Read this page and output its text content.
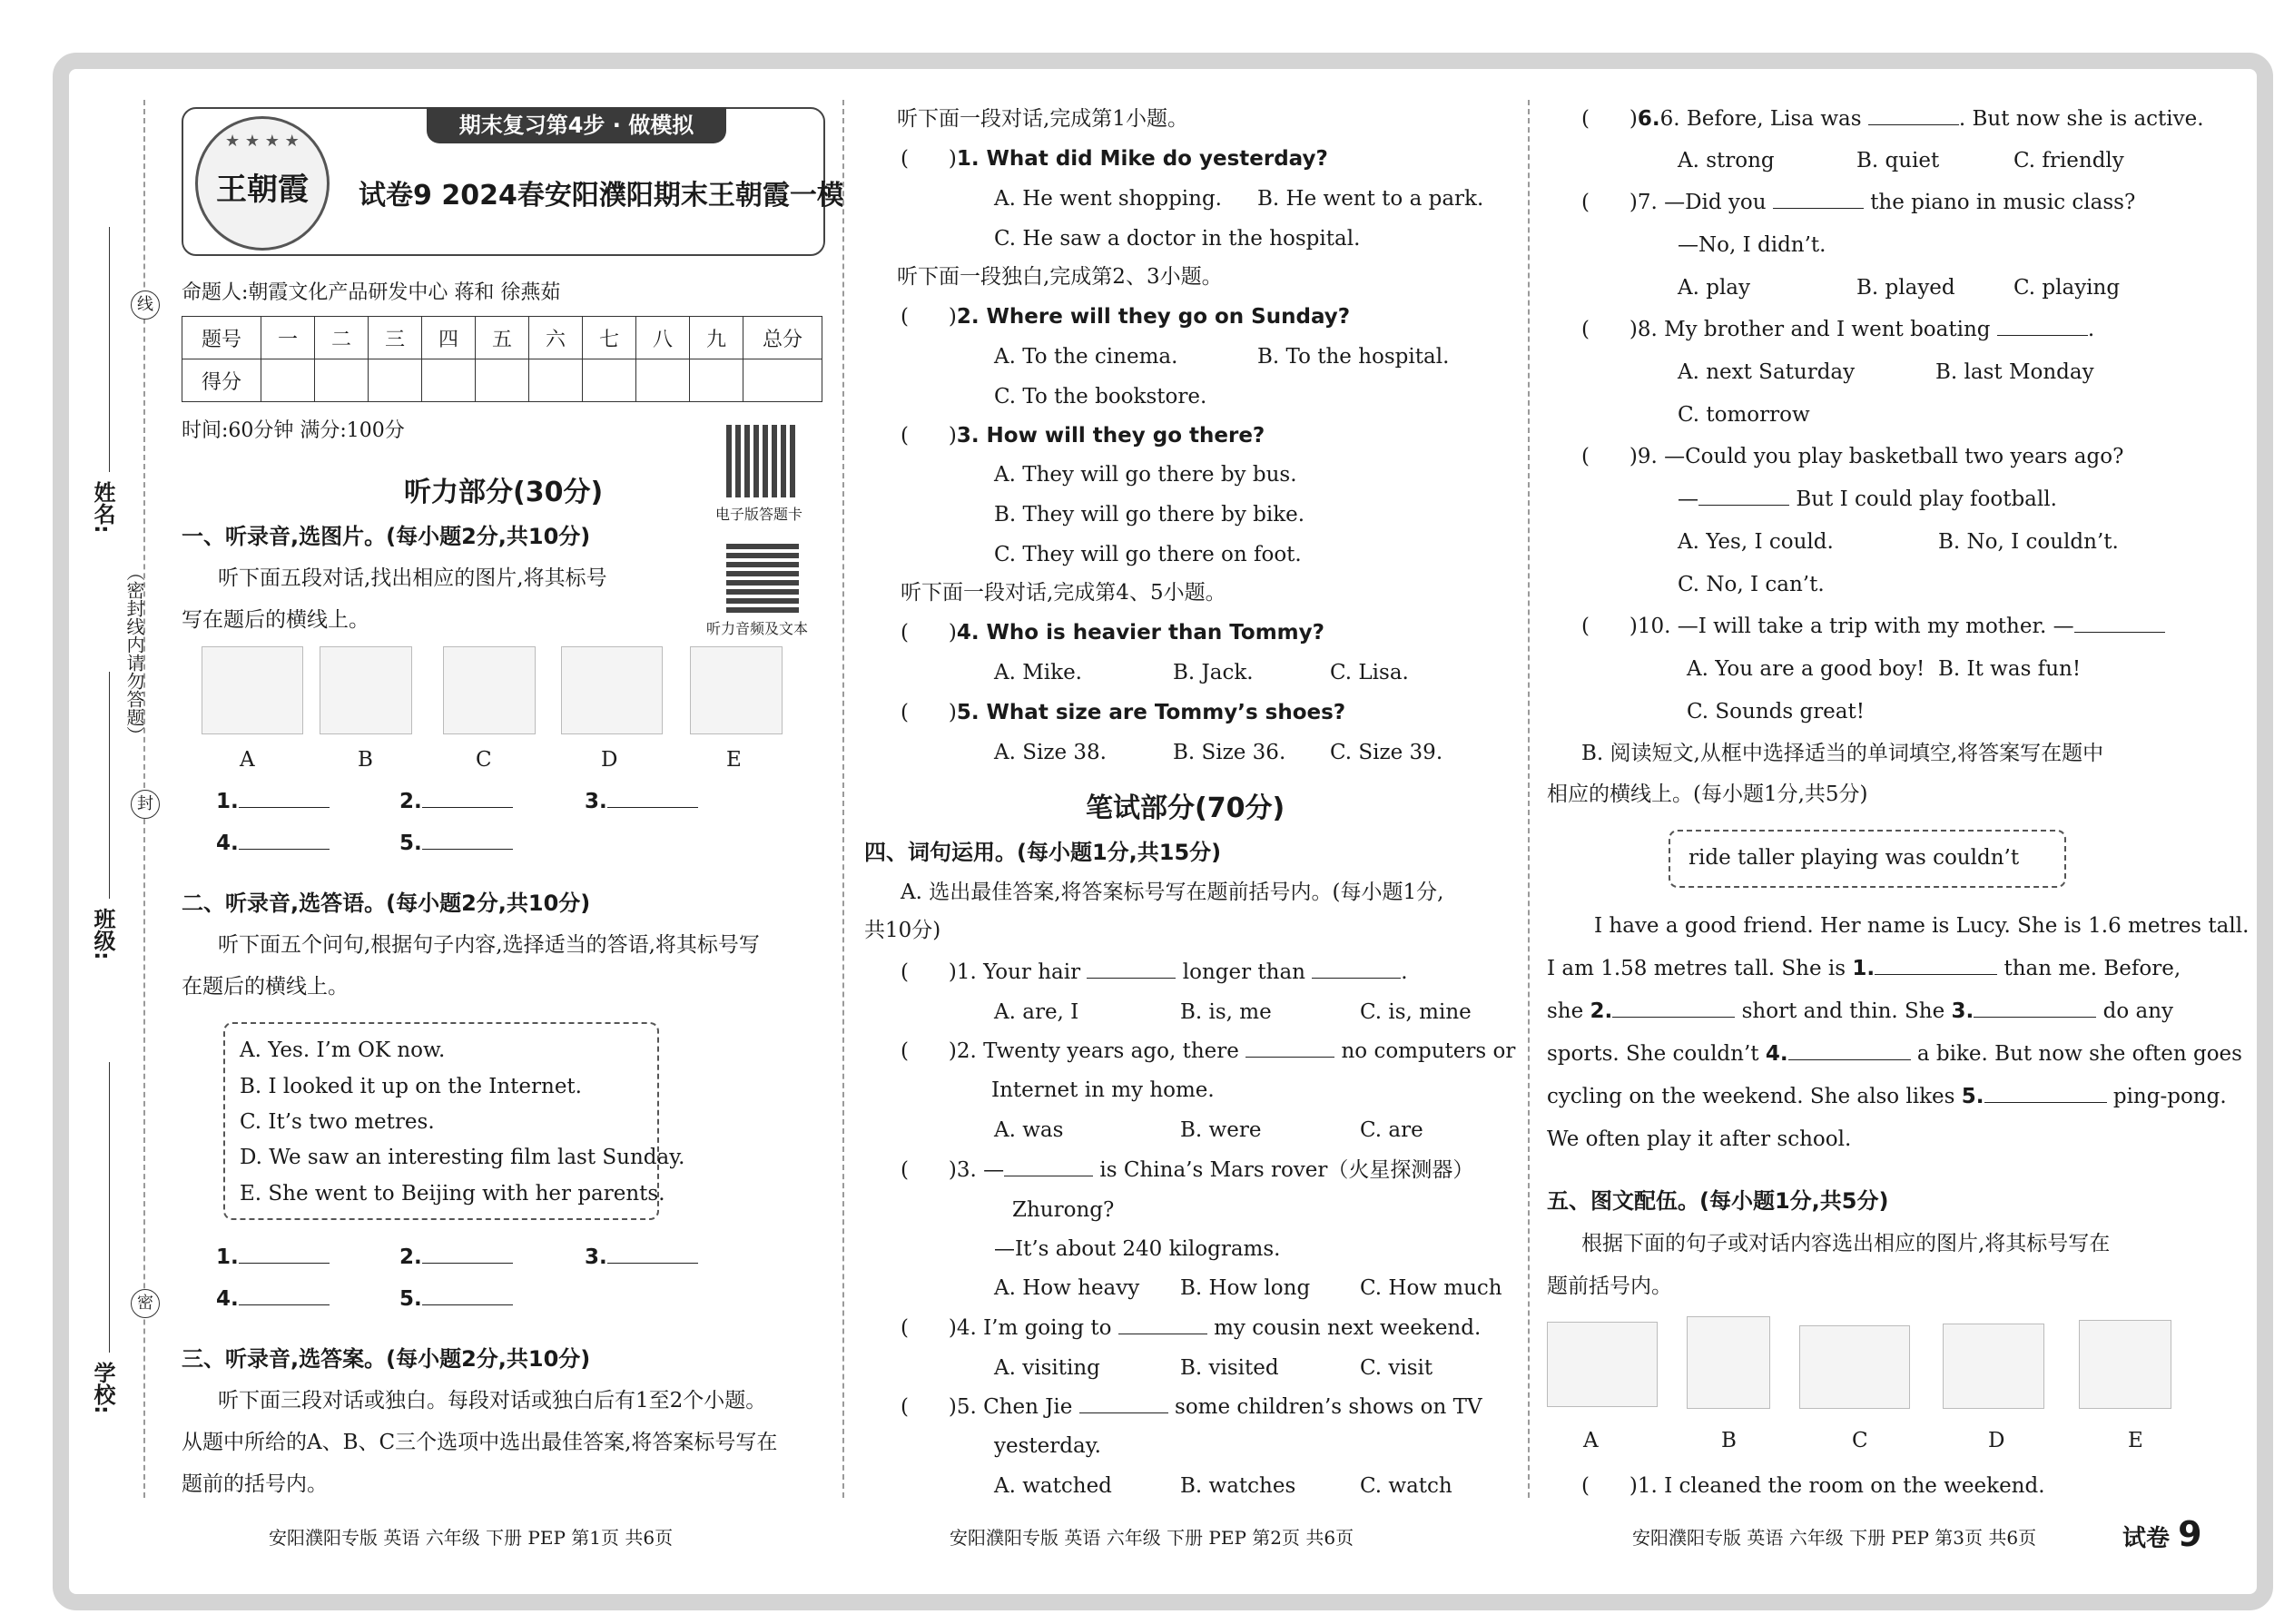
线
封
密
姓名:
班级:
学校:
（密封线内请勿答题）
王朝霞
★ ★ ★ ★
期末复习第4步 · 做模拟
试卷9 2024春安阳濮阳期末王朝霞一模
命题人:朝霞文化产品研发中心 蒋和 徐燕茹
题号	一	二	三	四	五	六	七	八	九	总分
得分										
时间:60分钟 满分:100分
电子版答题卡
听力音频及文本
听力部分(30分)
一、听录音,选图片。(每小题2分,共10分)
听下面五段对话,找出相应的图片,将其标号
写在题后的横线上。
A	B	C	D	E
1.	2.	3.
4.	5.
二、听录音,选答语。(每小题2分,共10分)
听下面五个问句,根据句子内容,选择适当的答语,将其标号写
在题后的横线上。
A. Yes. I’m OK now.
B. I looked it up on the Internet.
C. It’s two metres.
D. We saw an interesting film last Sunday.
E. She went to Beijing with her parents.
1.	2.	3.
4.	5.
三、听录音,选答案。(每小题2分,共10分)
听下面三段对话或独白。每段对话或独白后有1至2个小题。
从题中所给的A、B、C三个选项中选出最佳答案,将答案标号写在
题前的括号内。
安阳濮阳专版 英语 六年级 下册 PEP 第1页 共6页
听下面一段对话,完成第1小题。
(      )1. What did Mike do yesterday?
A. He went shopping. B. He went to a park.
C. He saw a doctor in the hospital.
听下面一段独白,完成第2、3小题。
(      )2. Where will they go on Sunday?
A. To the cinema.	B. To the hospital.
C. To the bookstore.
(      )3. How will they go there?
A. They will go there by bus.
B. They will go there by bike.
C. They will go there on foot.
听下面一段对话,完成第4、5小题。
(      )4. Who is heavier than Tommy?
A. Mike.	B. Jack.	C. Lisa.
(      )5. What size are Tommy’s shoes?
A. Size 38.	B. Size 36. C. Size 39.
笔试部分(70分)
四、词句运用。(每小题1分,共15分)
A. 选出最佳答案,将答案标号写在题前括号内。(每小题1分,
共10分)
(      )1. Your hair	longer than	.
A. are, I	B. is, me	C. is, mine
(      )2. Twenty years ago, there	no computers or
Internet in my home.
A. was	B. were	C. are
(      )3. —	is China’s Mars rover（火星探测器）
Zhurong?
—It’s about 240 kilograms.
A. How heavy B. How long C. How much
(      )4. I’m going to	my cousin next weekend.
A. visiting	B. visited	C. visit
(      )5. Chen Jie	some children’s shows on TV
yesterday.
A. watched	B. watches	C. watch
安阳濮阳专版 英语 六年级 下册 PEP 第2页 共6页
(      )6.6. Before, Lisa was	. But now she is active.
A. strong	B. quiet	C. friendly
(      )7. —Did you	the piano in music class?
—No, I didn’t.
A. play	B. played	C. playing
(      )8. My brother and I went boating	.
A. next Saturday	B. last Monday
C. tomorrow
(      )9. —Could you play basketball two years ago?
—	But I could play football.
A. Yes, I could.	B. No, I couldn’t.
C. No, I can’t.
(      )10. —I will take a trip with my mother. —
A. You are a good boy! B. It was fun!
C. Sounds great!
B. 阅读短文,从框中选择适当的单词填空,将答案写在题中
相应的横线上。(每小题1分,共5分)
ride taller playing was couldn’t
I have a good friend. Her name is Lucy. She is 1.6 metres tall.
I am 1.58 metres tall. She is 1.	than me. Before,
she 2.	short and thin. She 3.	do any
sports. She couldn’t 4.	a bike. But now she often goes
cycling on the weekend. She also likes 5.	ping-pong.
We often play it after school.
五、图文配伍。(每小题1分,共5分)
根据下面的句子或对话内容选出相应的图片,将其标号写在
题前括号内。
A	B	C	D	E
(      )1. I cleaned the room on the weekend.
安阳濮阳专版 英语 六年级 下册 PEP 第3页 共6页	试卷 9
